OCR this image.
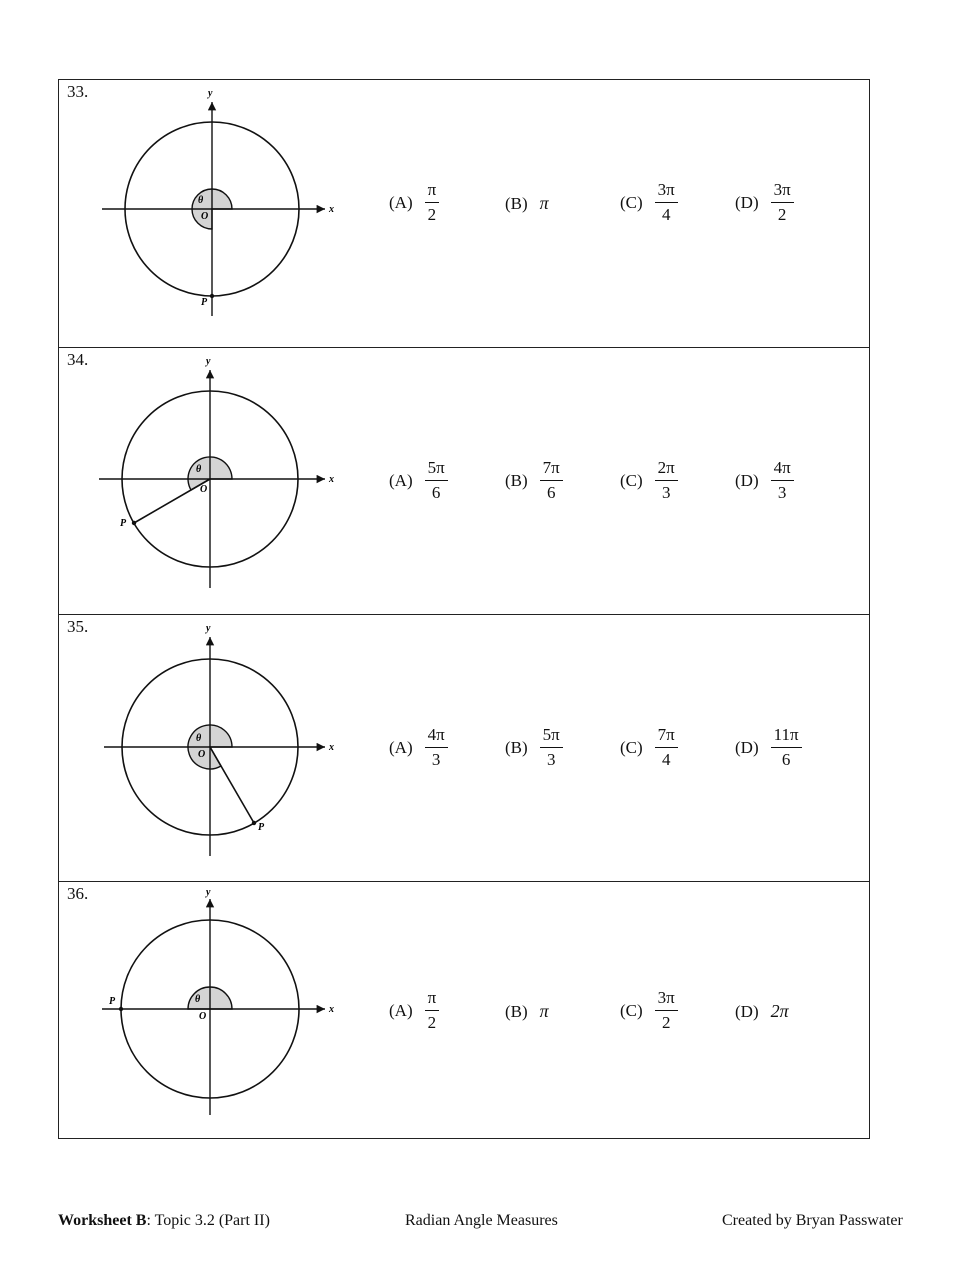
33.
x
y
θ
O
P
$(A) \frac{\pi}{2}$	(B) π	$(C) \frac{3\pi}{4}$	$(D) \frac{3\pi}{2}$
34.
x
y
θ
O
P
$(A) \frac{5\pi}{6}$	$(B) \frac{7\pi}{6}$	$(C) \frac{2\pi}{3}$	$(D) \frac{4\pi}{3}$
35.
x
y
θ
O
P
$(A) \frac{4\pi}{3}$	$(B) \frac{5\pi}{3}$	$(C) \frac{7\pi}{4}$	$(D) \frac{11\pi}{6}$
36.
x
y
θ
O
P	$(A) \frac{\pi}{2}$	(B) π	$(C) \frac{3\pi}{2}$	(D) 2π
Worksheet B: Topic 3.2 (Part II)	Radian Angle Measures	Created by Bryan Passwater
